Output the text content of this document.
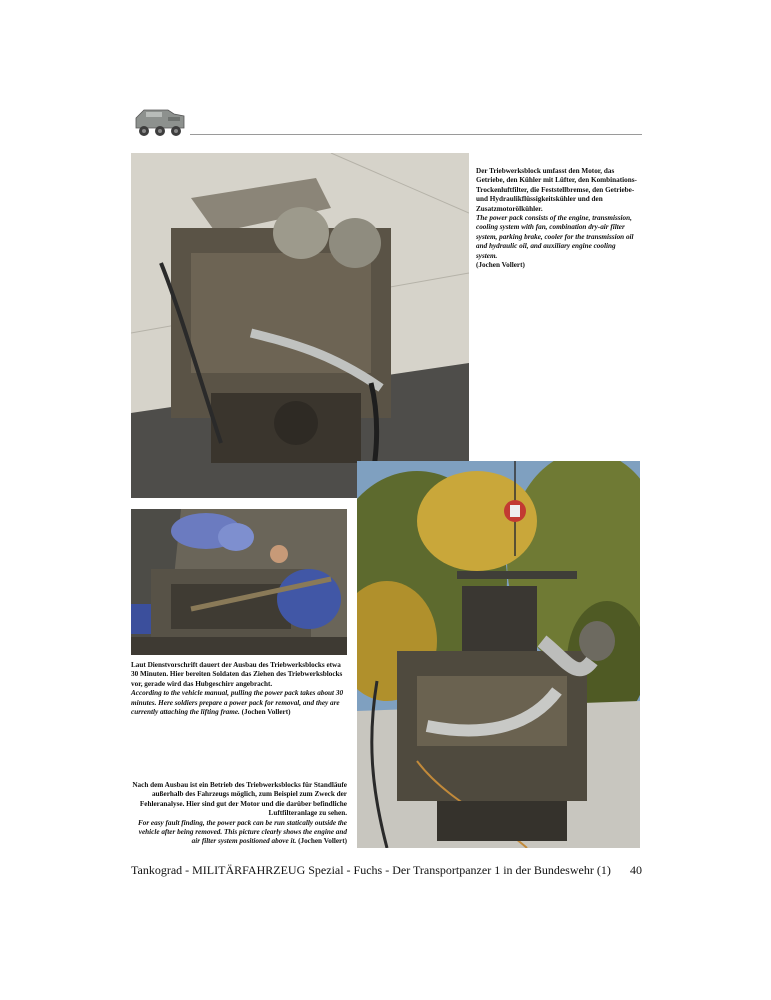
Der Triebwerksblock umfasst den Motor, das Getriebe, den Kühler mit Lüfter, den Kombinations-Trockenluftfilter, die Feststellbremse, den Getriebe- und Hydraulikflüssigkeitskühler und den Zusatzmotorölkühler.
The power pack consists of the engine, transmission, cooling system with fan, combination dry-air filter system, parking brake, cooler for the transmission oil and hydraulic oil, and auxiliary engine cooling system.
(Jochen Vollert)
Laut Dienstvorschrift dauert der Ausbau des Triebwerksblocks etwa 30 Minuten. Hier bereiten Soldaten das Ziehen des Triebwerksblocks vor, gerade wird das Hubgeschirr angebracht.
According to the vehicle manual, pulling the power pack takes about 30 minutes. Here soldiers prepare a power pack for removal, and they are currently attaching the lifting frame. (Jochen Vollert)
Nach dem Ausbau ist ein Betrieb des Triebwerksblocks für Standläufe außerhalb des Fahrzeugs möglich, zum Beispiel zum Zweck der Fehleranalyse. Hier sind gut der Motor und die darüber befindliche Luftfilteranlage zu sehen.
For easy fault finding, the power pack can be run statically outside the vehicle after being removed. This picture clearly shows the engine and air filter system positioned above it. (Jochen Vollert)
Tankograd - MILITÄRFAHRZEUG Spezial - Fuchs - Der Transportpanzer 1 in der Bundeswehr (1) 40
